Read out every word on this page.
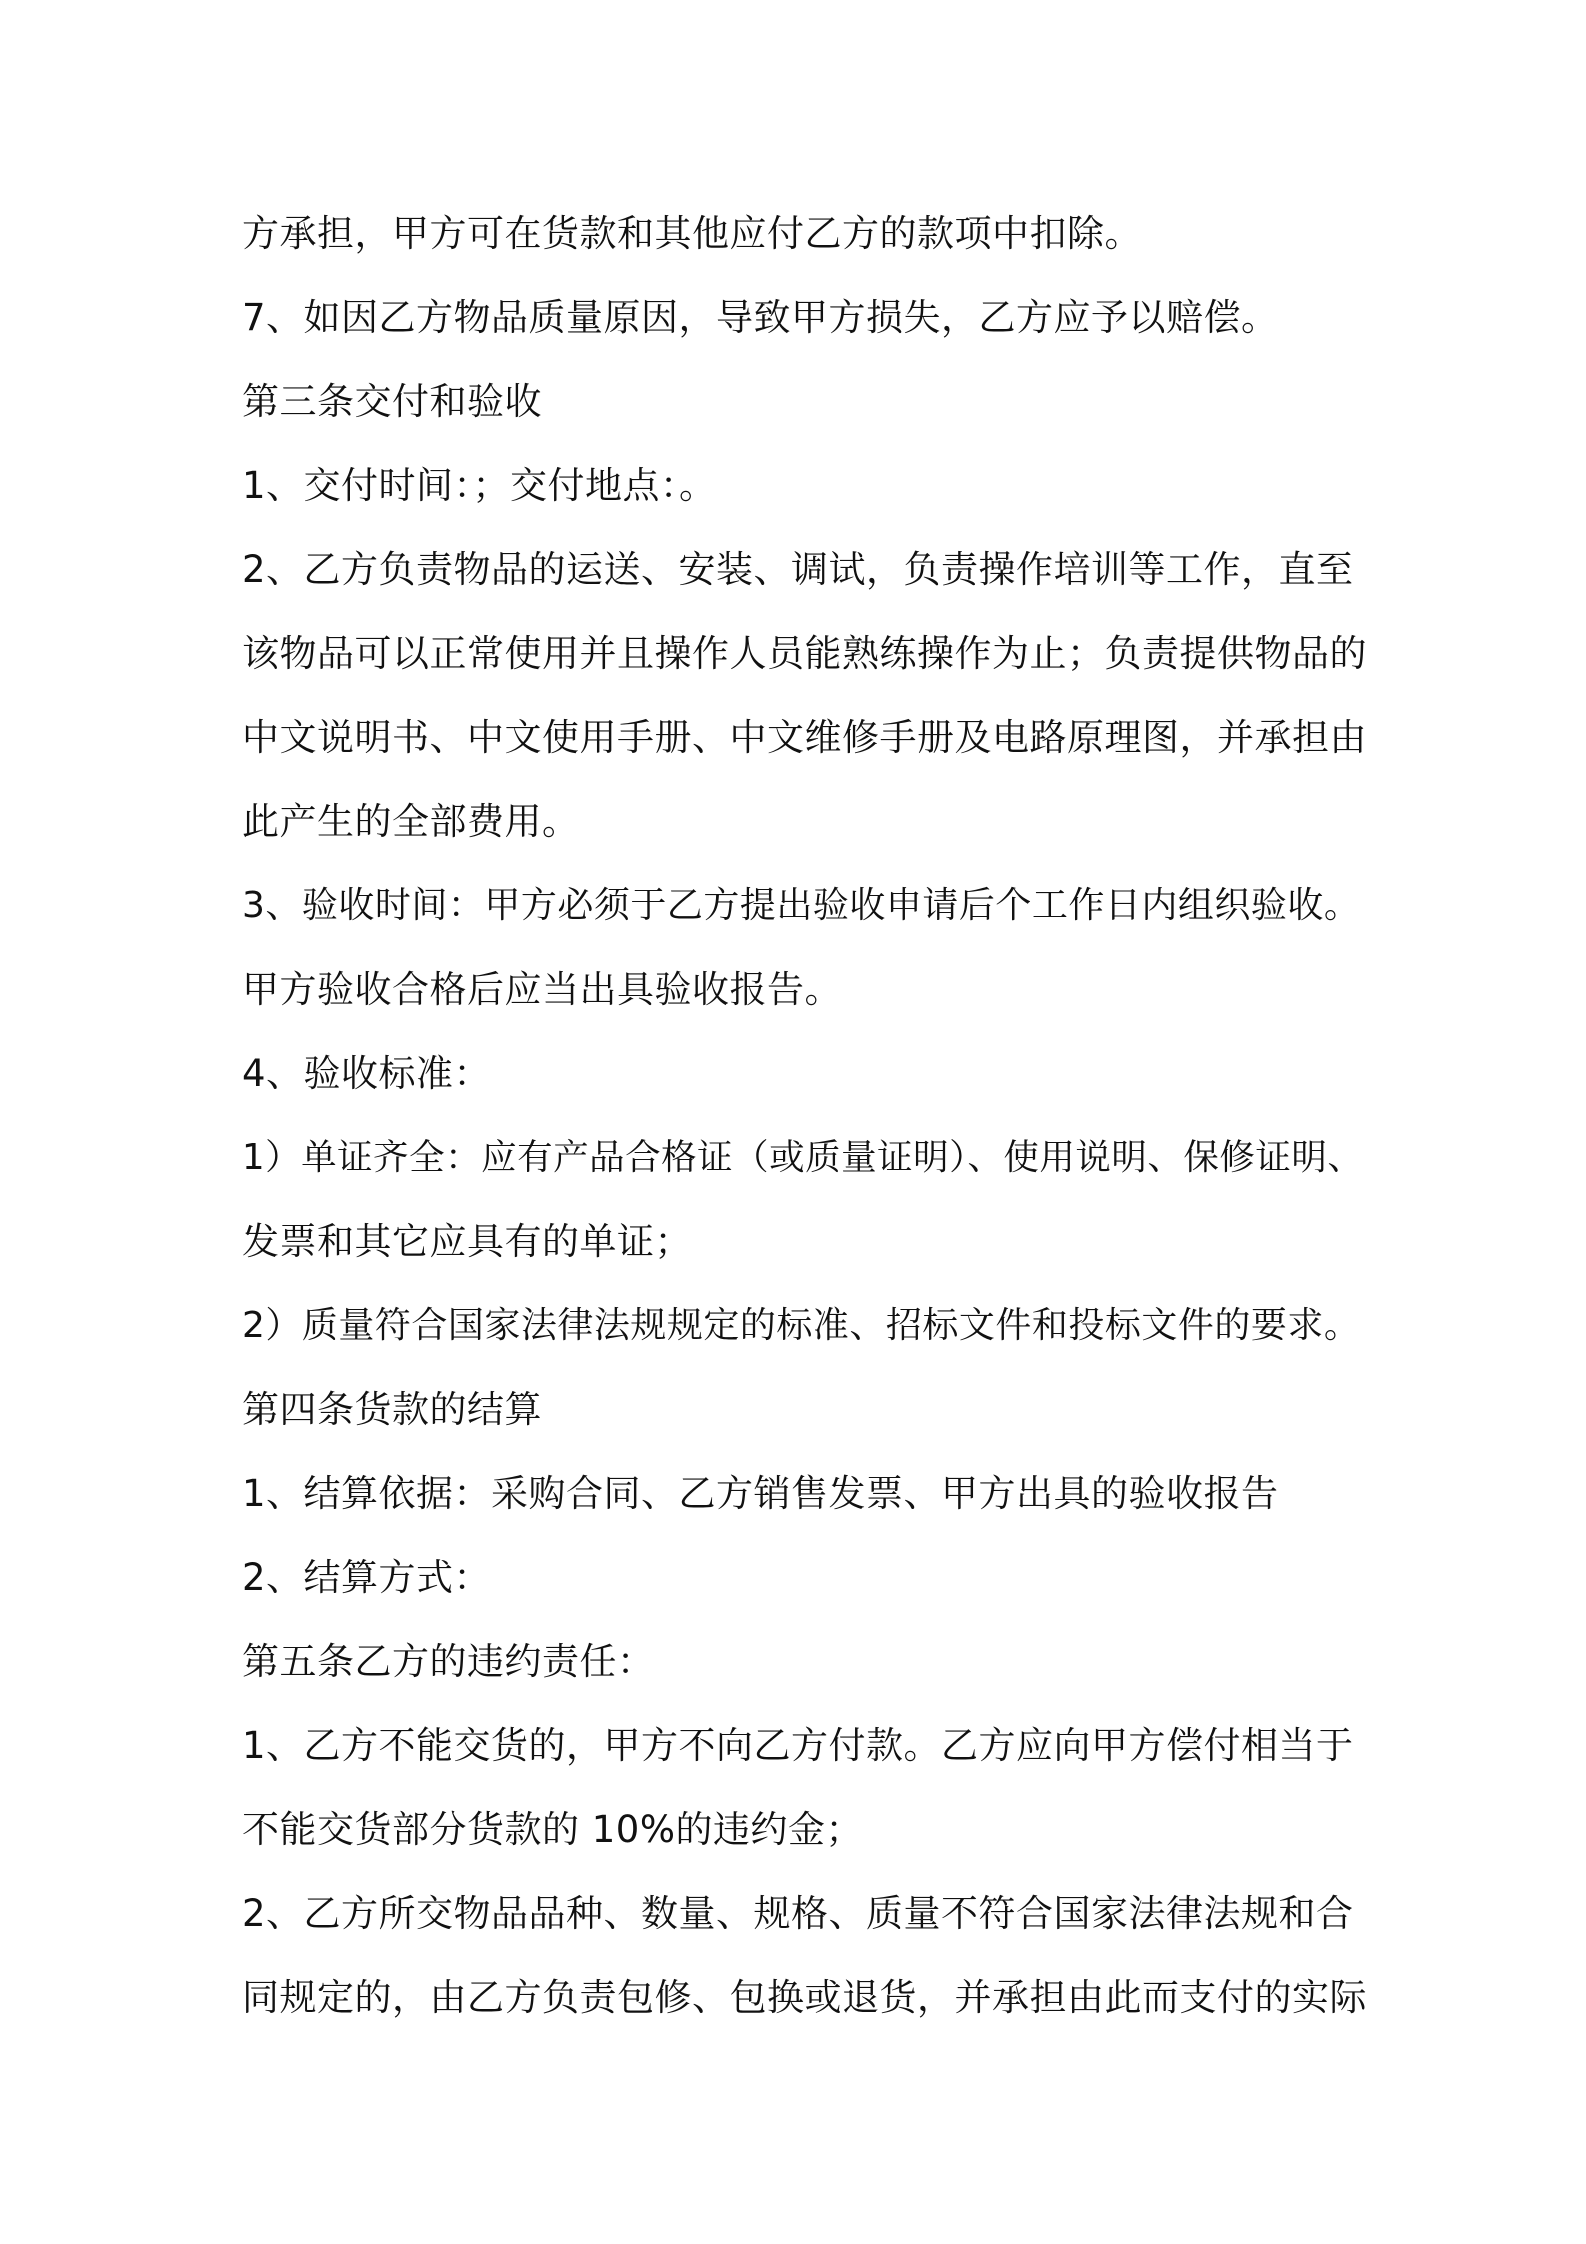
方承担，甲方可在货款和其他应付乙方的款项中扣除。
7、如因乙方物品质量原因，导致甲方损失，乙方应予以赔偿。
第三条交付和验收
1、交付时间：；交付地点：。
2、乙方负责物品的运送、安装、调试，负责操作培训等工作，直至
该物品可以正常使用并且操作人员能熟练操作为止；负责提供物品的
中文说明书、中文使用手册、中文维修手册及电路原理图，并承担由
此产生的全部费用。
3、验收时间：甲方必须于乙方提出验收申请后个工作日内组织验收。
甲方验收合格后应当出具验收报告。
4、验收标准：
1）单证齐全：应有产品合格证（或质量证明）、使用说明、保修证明、
发票和其它应具有的单证；
2）质量符合国家法律法规规定的标准、招标文件和投标文件的要求。
第四条货款的结算
1、结算依据：采购合同、乙方销售发票、甲方出具的验收报告
2、结算方式：
第五条乙方的违约责任：
1、乙方不能交货的，甲方不向乙方付款。乙方应向甲方偿付相当于
不能交货部分货款的 10%的违约金；
2、乙方所交物品品种、数量、规格、质量不符合国家法律法规和合
同规定的，由乙方负责包修、包换或退货，并承担由此而支付的实际
